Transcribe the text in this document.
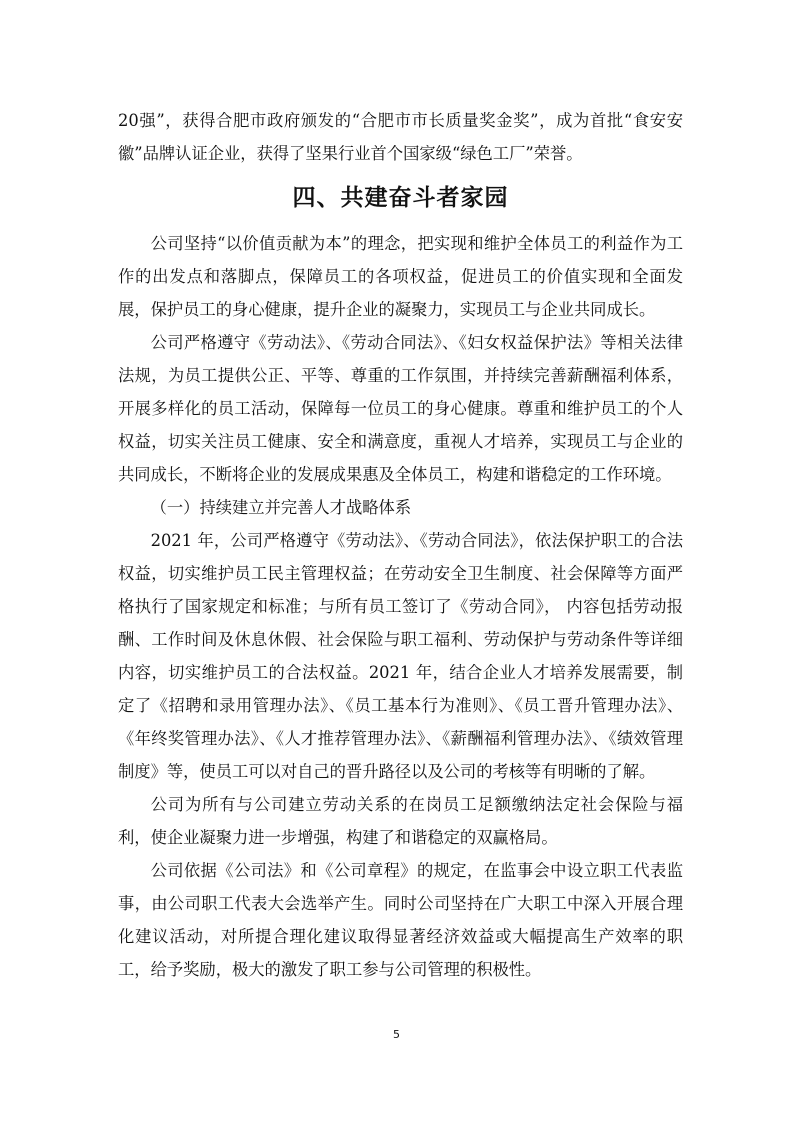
20强”，获得合肥市政府颁发的“合肥市市长质量奖金奖”，成为首批“食安安徽”品牌认证企业，获得了坚果行业首个国家级“绿色工厂”荣誉。

四、共建奋斗者家园

公司坚持“以价值贡献为本”的理念，把实现和维护全体员工的利益作为工作的出发点和落脚点，保障员工的各项权益，促进员工的价值实现和全面发展，保护员工的身心健康，提升企业的凝聚力，实现员工与企业共同成长。

公司严格遵守《劳动法》、《劳动合同法》、《妇女权益保护法》等相关法律法规，为员工提供公正、平等、尊重的工作氛围，并持续完善薪酬福利体系，开展多样化的员工活动，保障每一位员工的身心健康。尊重和维护员工的个人权益，切实关注员工健康、安全和满意度，重视人才培养，实现员工与企业的共同成长，不断将企业的发展成果惠及全体员工，构建和谐稳定的工作环境。

（一）持续建立并完善人才战略体系

2021 年，公司严格遵守《劳动法》、《劳动合同法》，依法保护职工的合法权益，切实维护员工民主管理权益；在劳动安全卫生制度、社会保障等方面严格执行了国家规定和标准；与所有员工签订了《劳动合同》， 内容包括劳动报酬、工作时间及休息休假、社会保险与职工福利、劳动保护与劳动条件等详细内容，切实维护员工的合法权益。2021 年，结合企业人才培养发展需要，制定了《招聘和录用管理办法》、《员工基本行为准则》、《员工晋升管理办法》、《年终奖管理办法》、《人才推荐管理办法》、《薪酬福利管理办法》、《绩效管理制度》等，使员工可以对自己的晋升路径以及公司的考核等有明晰的了解。

公司为所有与公司建立劳动关系的在岗员工足额缴纳法定社会保险与福利，使企业凝聚力进一步增强，构建了和谐稳定的双赢格局。

公司依据《公司法》和《公司章程》的规定，在监事会中设立职工代表监事，由公司职工代表大会选举产生。同时公司坚持在广大职工中深入开展合理化建议活动，对所提合理化建议取得显著经济效益或大幅提高生产效率的职工，给予奖励，极大的激发了职工参与公司管理的积极性。

5
